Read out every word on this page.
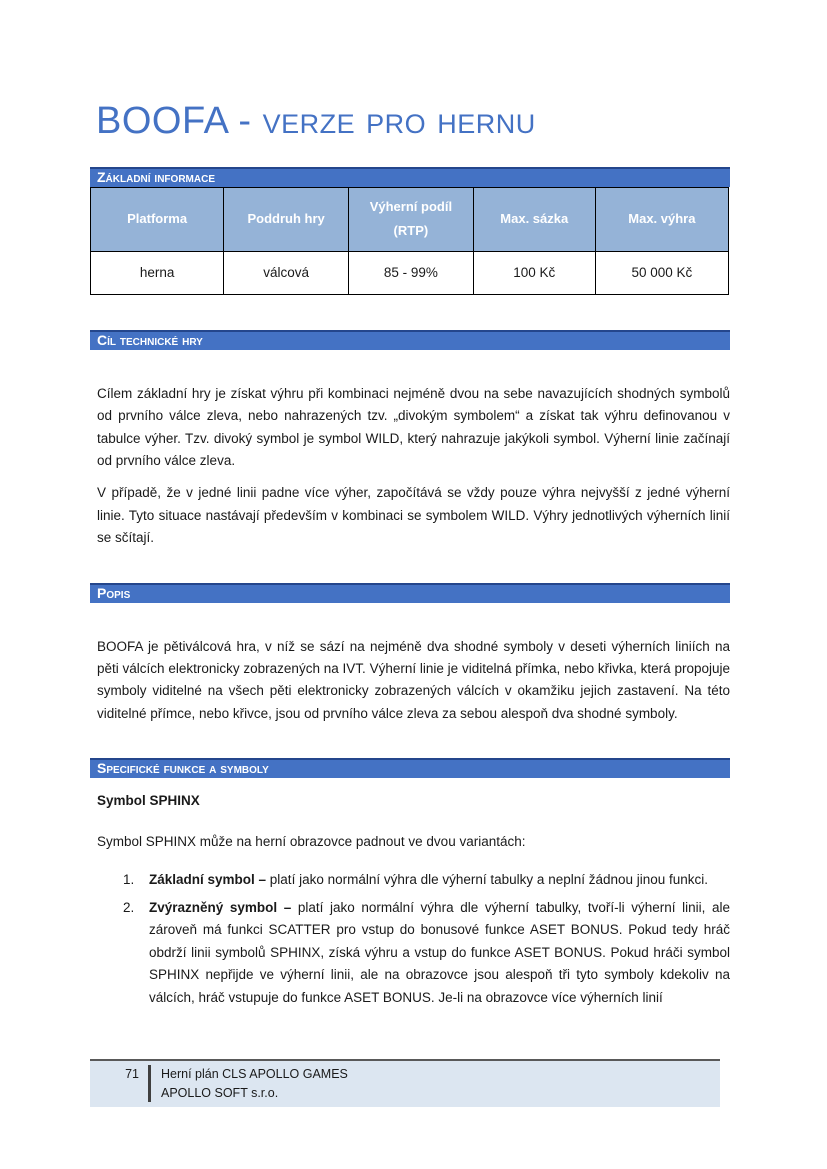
BOOFA - verze pro hernu
Základní informace
Platforma	Poddruh hry	Výherní podíl (RTP)	Max. sázka	Max. výhra
herna	válcová	85 - 99%	100 Kč	50 000 Kč
Cíl technické hry

Cílem základní hry je získat výhru při kombinaci nejméně dvou na sebe navazujících shodných symbolů od prvního válce zleva, nebo nahrazených tzv. „divokým symbolem“ a získat tak výhru definovanou v tabulce výher. Tzv. divoký symbol je symbol WILD, který nahrazuje jakýkoli symbol. Výherní linie začínají od prvního válce zleva.

V případě, že v jedné linii padne více výher, započítává se vždy pouze výhra nejvyšší z jedné výherní linie. Tyto situace nastávají především v kombinaci se symbolem WILD. Výhry jednotlivých výherních linií se sčítají.

Popis

BOOFA je pětiválcová hra, v níž se sází na nejméně dva shodné symboly v deseti výherních liniích na pěti válcích elektronicky zobrazených na IVT. Výherní linie je viditelná přímka, nebo křivka, která propojuje symboly viditelné na všech pěti elektronicky zobrazených válcích v okamžiku jejich zastavení. Na této viditelné přímce, nebo křivce, jsou od prvního válce zleva za sebou alespoň dva shodné symboly.

Specifické funkce a symboly
Symbol SPHINX

Symbol SPHINX může na herní obrazovce padnout ve dvou variantách:

1. Základní symbol – platí jako normální výhra dle výherní tabulky a neplní žádnou jinou funkci.
2. Zvýrazněný symbol – platí jako normální výhra dle výherní tabulky, tvoří-li výherní linii, ale zároveň má funkci SCATTER pro vstup do bonusové funkce ASET BONUS. Pokud tedy hráč obdrží linii symbolů SPHINX, získá výhru a vstup do funkce ASET BONUS. Pokud hráči symbol SPHINX nepřijde ve výherní linii, ale na obrazovce jsou alespoň tři tyto symboly kdekoliv na válcích, hráč vstupuje do funkce ASET BONUS. Je-li na obrazovce více výherních linií
71	Herní plán CLS APOLLO GAMES
APOLLO SOFT s.r.o.
